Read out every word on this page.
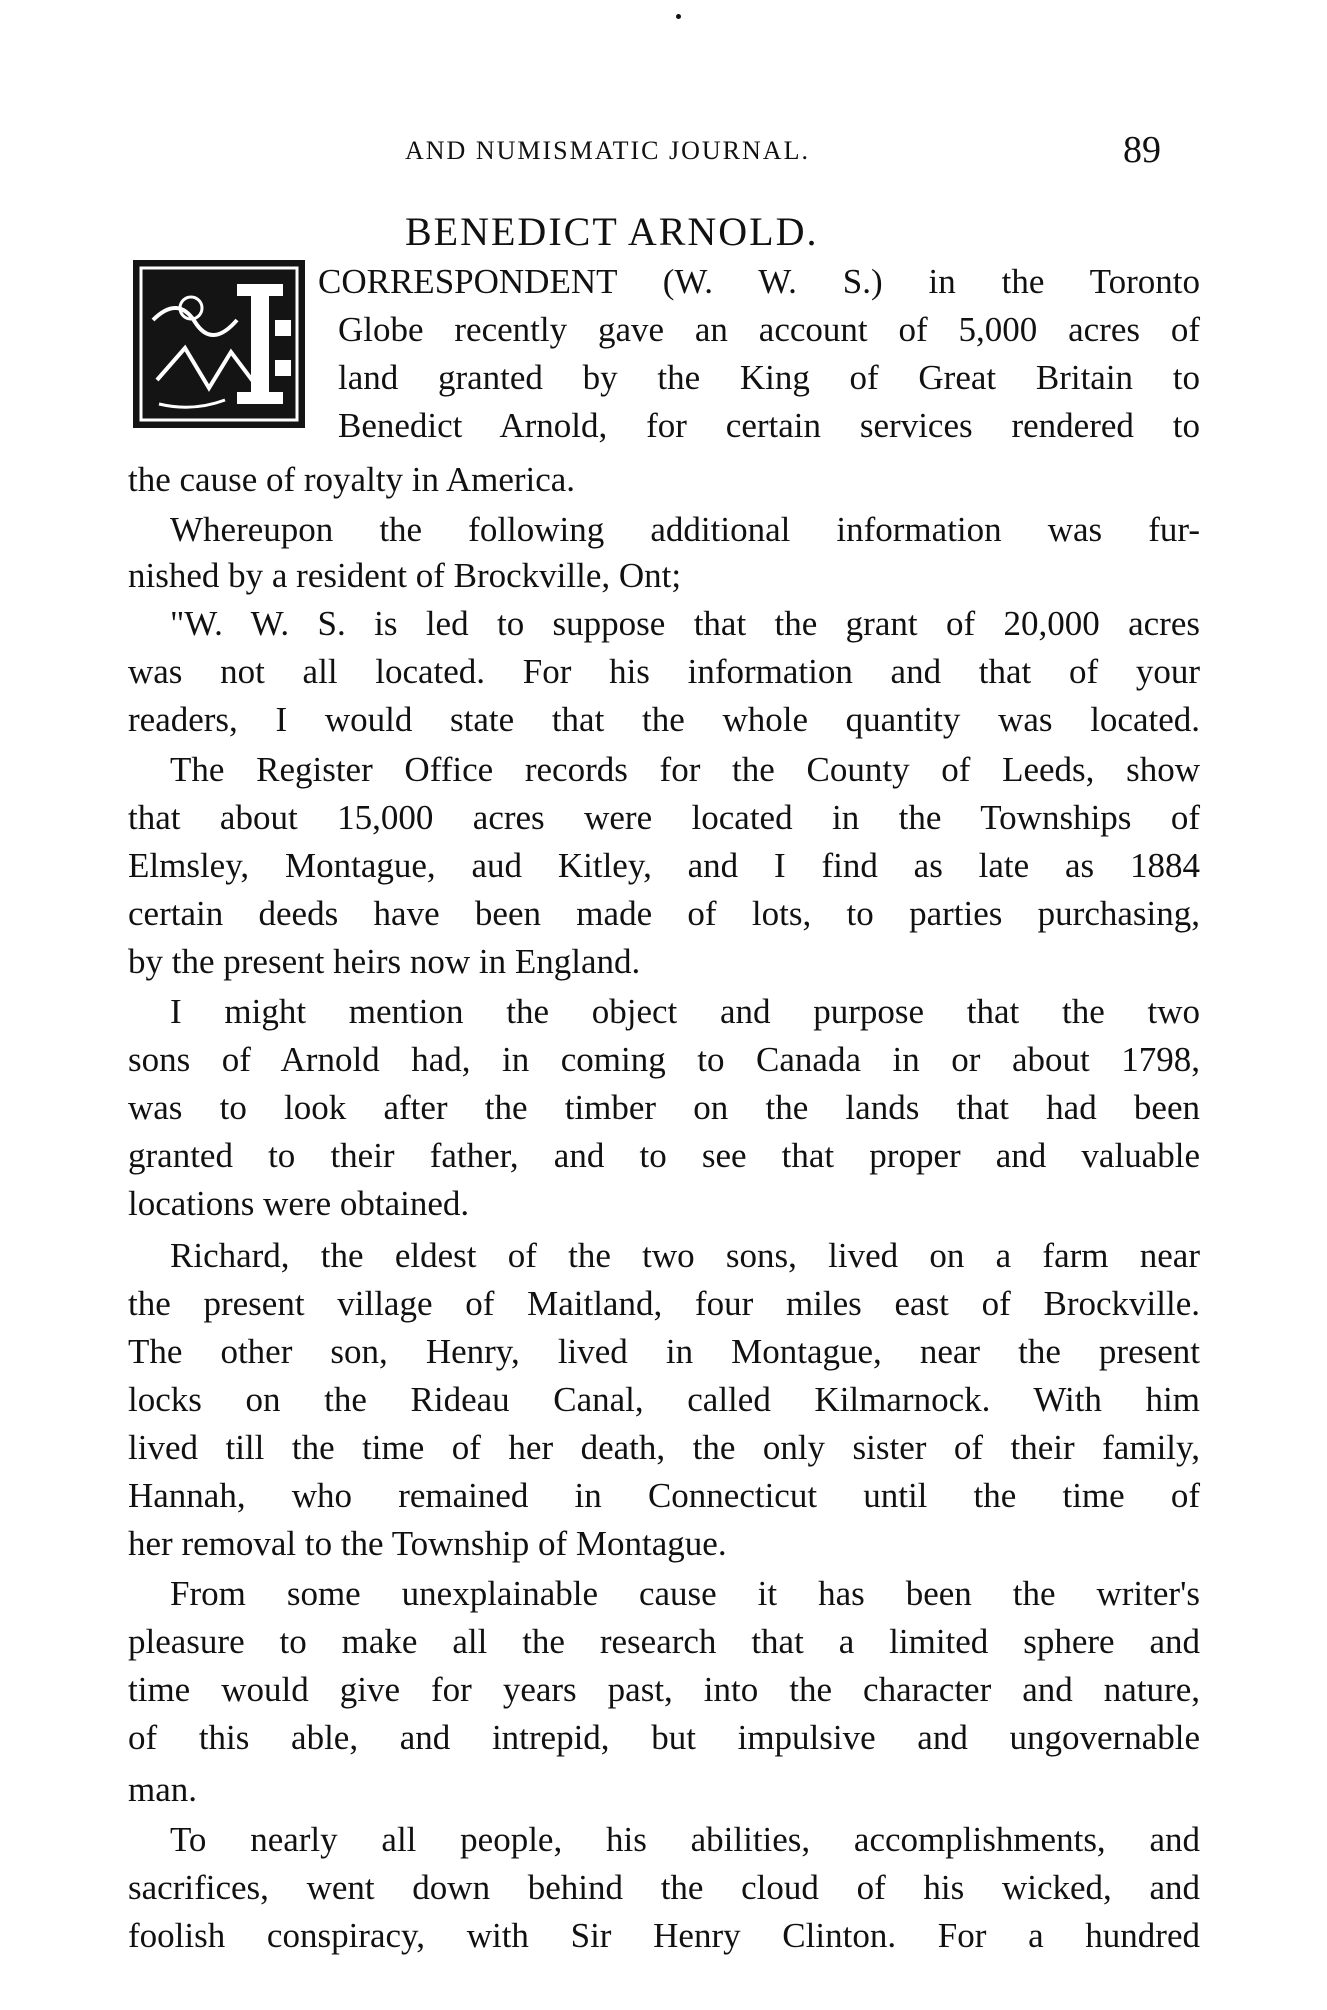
AND NUMISMATIC JOURNAL.	89
BENEDICT ARNOLD.
CORRESPONDENT (W. W. S.) in the Toronto
Globe recently gave an account of 5,000 acres of
land granted by the King of Great Britain to
Benedict Arnold, for certain services rendered to
the cause of royalty in America.
Whereupon the following additional information was fur-
nished by a resident of Brockville, Ont;
"W. W. S. is led to suppose that the grant of 20,000 acres
was not all located. For his information and that of your
readers, I would state that the whole quantity was located.
The Register Office records for the County of Leeds, show
that about 15,000 acres were located in the Townships of
Elmsley, Montague, aud Kitley, and I find as late as 1884
certain deeds have been made of lots, to parties purchasing,
by the present heirs now in England.
I might mention the object and purpose that the two
sons of Arnold had, in coming to Canada in or about 1798,
was to look after the timber on the lands that had been
granted to their father, and to see that proper and valuable
locations were obtained.
Richard, the eldest of the two sons, lived on a farm near
the present village of Maitland, four miles east of Brockville.
The other son, Henry, lived in Montague, near the present
locks on the Rideau Canal, called Kilmarnock. With him
lived till the time of her death, the only sister of their family,
Hannah, who remained in Connecticut until the time of
her removal to the Township of Montague.
From some unexplainable cause it has been the writer's
pleasure to make all the research that a limited sphere and
time would give for years past, into the character and nature,
of this able, and intrepid, but impulsive and ungovernable
man.
To nearly all people, his abilities, accomplishments, and
sacrifices, went down behind the cloud of his wicked, and
foolish conspiracy, with Sir Henry Clinton. For a hundred
